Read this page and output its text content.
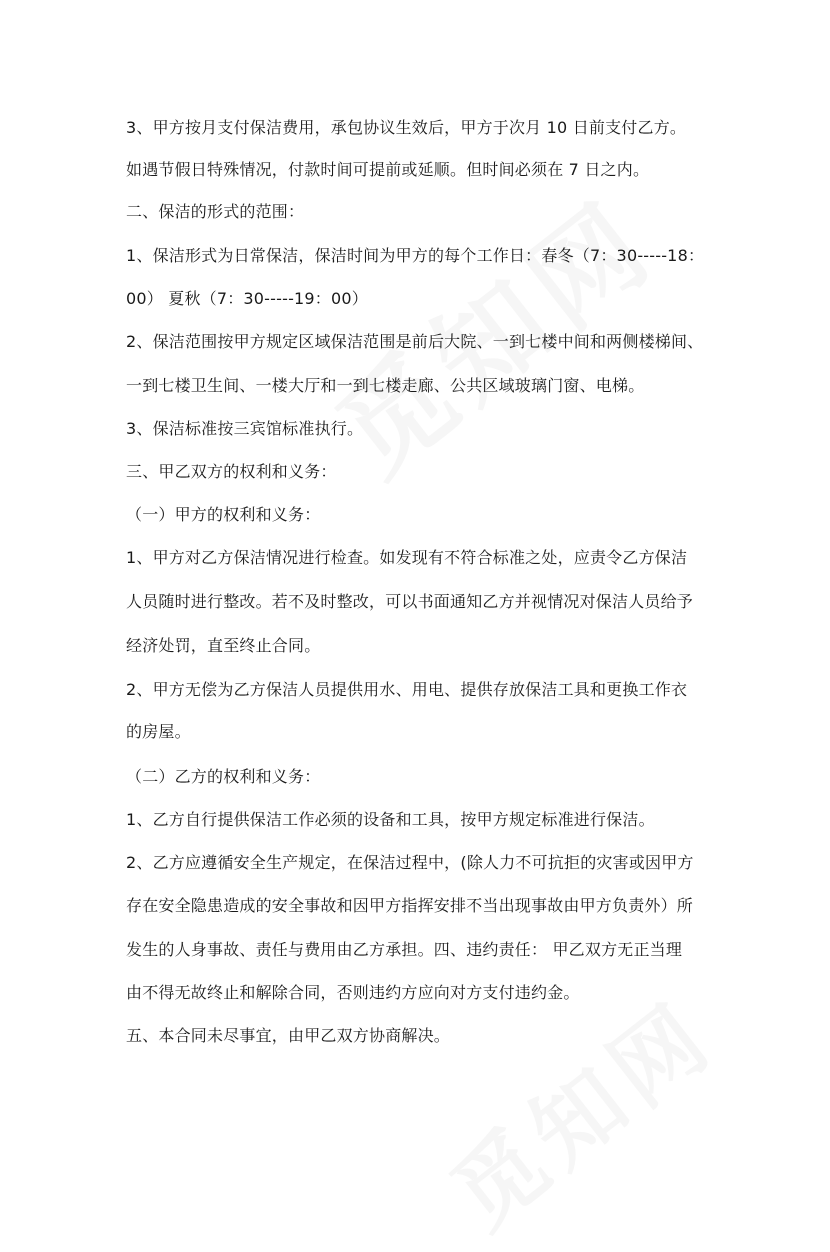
3、甲方按月支付保洁费用，承包协议生效后，甲方于次月 10 日前支付乙方。
如遇节假日特殊情况，付款时间可提前或延顺。但时间必须在 7 日之内。
二、保洁的形式的范围：
1、保洁形式为日常保洁，保洁时间为甲方的每个工作日：春冬（7：30-----18：
00） 夏秋（7：30-----19：00）
2、保洁范围按甲方规定区域保洁范围是前后大院、一到七楼中间和两侧楼梯间、
一到七楼卫生间、一楼大厅和一到七楼走廊、公共区域玻璃门窗、电梯。
3、保洁标准按三宾馆标准执行。
三、甲乙双方的权利和义务：
（一）甲方的权利和义务：
1、甲方对乙方保洁情况进行检查。如发现有不符合标准之处，应责令乙方保洁
人员随时进行整改。若不及时整改，可以书面通知乙方并视情况对保洁人员给予
经济处罚，直至终止合同。
2、甲方无偿为乙方保洁人员提供用水、用电、提供存放保洁工具和更换工作衣
的房屋。
（二）乙方的权利和义务：
1、乙方自行提供保洁工作必须的设备和工具，按甲方规定标准进行保洁。
2、乙方应遵循安全生产规定，在保洁过程中，(除人力不可抗拒的灾害或因甲方
存在安全隐患造成的安全事故和因甲方指挥安排不当出现事故由甲方负责外）所
发生的人身事故、责任与费用由乙方承担。四、违约责任： 甲乙双方无正当理
由不得无故终止和解除合同，否则违约方应向对方支付违约金。
五、本合同未尽事宜，由甲乙双方协商解决。
